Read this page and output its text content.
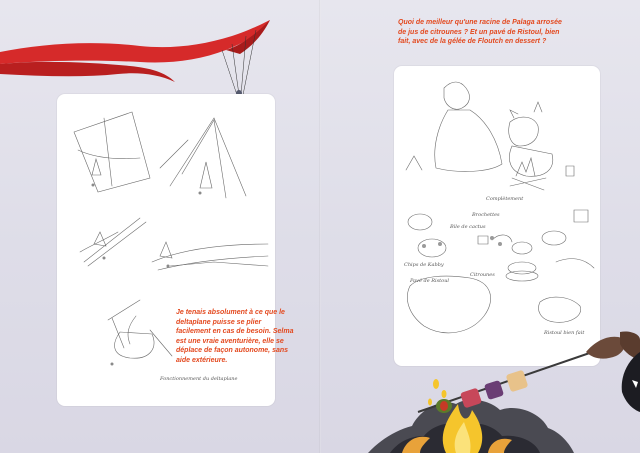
Fonctionnement du deltaplane
Je tenais absolument à ce que le deltaplane puisse se plier facilement en cas de besoin. Selma est une vraie aventurière, elle se déplace de façon autonome, sans aide extérieure.
Quoi de meilleur qu'une racine de Palaga arrosée de jus de citrounes ? Et un pavé de Ristoul, bien fait, avec de la gélée de Floutch en dessert ?
Complètement
Brochettes
Chips de Kabby
Bile de cactus
Citrounes
Pavé de Ristoul
Ristoul bien fait
